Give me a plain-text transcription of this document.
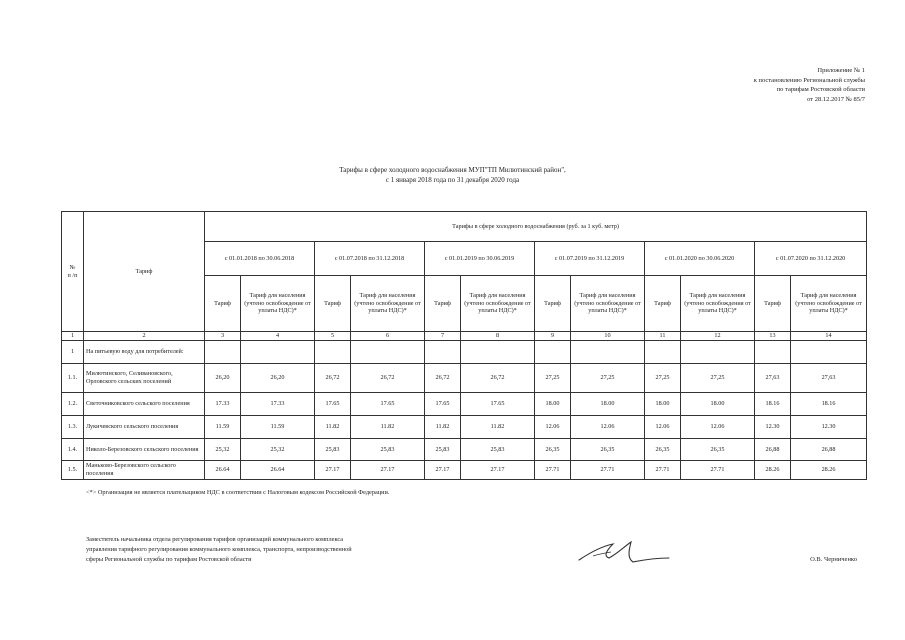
Приложение № 1
к постановлению Региональной службы
по тарифам Ростовской области
от 28.12.2017 № 85/7
Тарифы в сфере холодного водоснабжения МУП"ТП Милютинский район",
с 1 января 2018 года по 31 декабря 2020 года
№
п /п	Тариф	Тарифы в сфере холодного водоснабжения (руб. за 1 куб. метр)											
		с 01.01.2018 по 30.06.2018		с 01.07.2018 по 31.12.2018		с 01.01.2019 по 30.06.2019		с 01.07.2019 по 31.12.2019		с 01.01.2020 по 30.06.2020		с 01.07.2020 по 31.12.2020	
		Тариф	Тариф для населения (учтено освобождение от уплаты НДС)*	Тариф	Тариф для населения (учтено освобождение от уплаты НДС)*	Тариф	Тариф для населения (учтено освобождение от уплаты НДС)*	Тариф	Тариф для населения (учтено освобождение от уплаты НДС)*	Тариф	Тариф для населения (учтено освобождения от уплаты НДС)*	Тариф	Тариф для населения (учтено освобождение от уплаты НДС)*
1	2	3	4	5	6	7	8	9	10	11	12	13	14
1	На питьевую воду для потребителей:												
1.1.	Милютинского, Селивановского, Орловского сельских поселений	26,20	26,20	26,72	26,72	26,72	26,72	27,25	27,25	27,25	27,25	27,63	27,63
1.2.	Светочниковского сельского поселения	17.33	17.33	17.65	17.65	17.65	17.65	18.00	18.00	18.00	18.00	18.16	18.16
1.3.	Лукичевского сельского поселения	11.59	11.59	11.82	11.82	11.82	11.82	12.06	12.06	12.06	12.06	12.30	12.30
1.4.	Николо-Березовского сельского поселения	25,32	25,32	25,83	25,83	25,83	25,83	26,35	26,35	26,35	26,35	26,88	26,88
1.5.	Маньково-Березовского сельского поселения	26.64	26.64	27.17	27.17	27.17	27.17	27.71	27.71	27.71	27.71	28.26	28.26
<*> Организация не является плательщиком НДС в соответствии с Налоговым кодексом Российской Федерации.
Заместитель начальника отдела регулирования тарифов организаций коммунального комплекса
управления тарифного регулирования коммунального комплекса, транспорта, непроизводственной
сферы Региональной службы по тарифам Ростовской области	О.В. Черниченко
